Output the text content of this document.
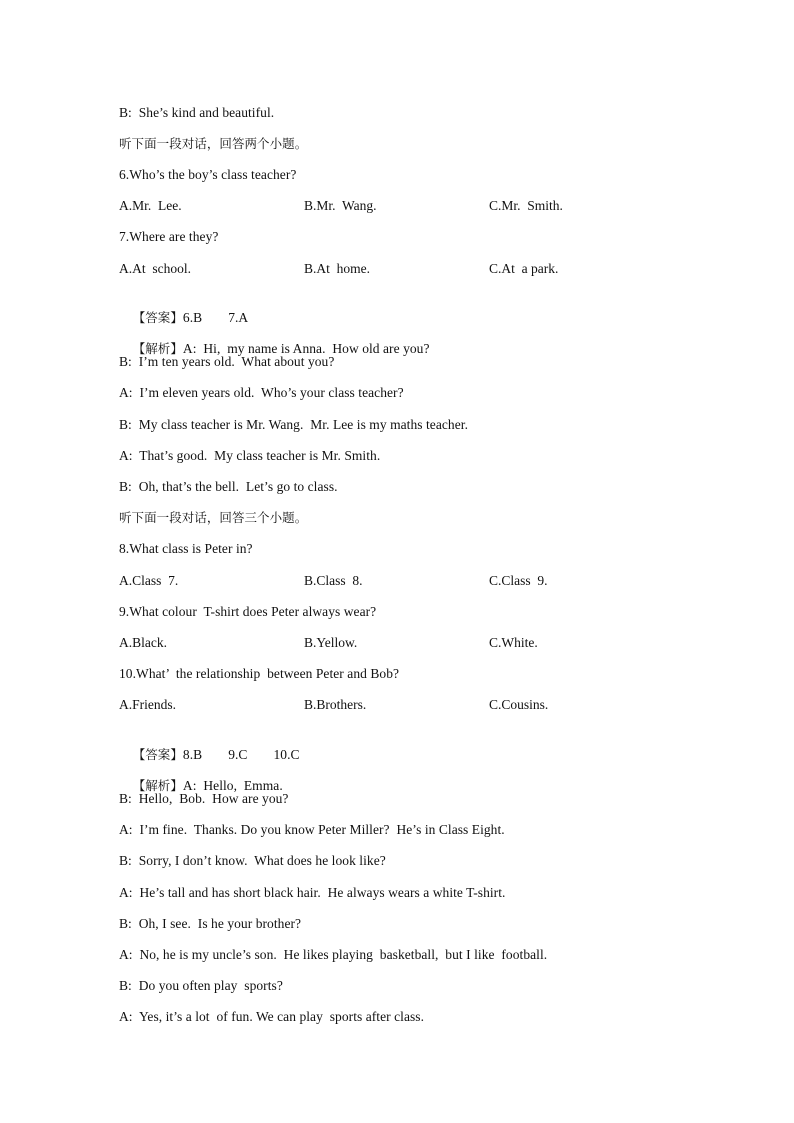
B:  She’s kind and beautiful.
听下面一段对话，回答两个小题。
6.Who’s the boy’s class teacher?
A.Mr.  Lee.	B.Mr.  Wang.	C.Mr.  Smith.
7.Where are they?
A.At  school.	B.At  home.	C.At  a park.

【答案】6.B 7.A

【解析】A:  Hi,  my name is Anna.  How old are you?

B:  I’m ten years old.  What about you?
A:  I’m eleven years old.  Who’s your class teacher?
B:  My class teacher is Mr. Wang.  Mr. Lee is my maths teacher.
A:  That’s good.  My class teacher is Mr. Smith.
B:  Oh, that’s the bell.  Let’s go to class.
听下面一段对话，回答三个小题。
8.What class is Peter in?
A.Class  7.	B.Class  8.	C.Class  9.
9.What colour  T-shirt does Peter always wear?
A.Black.	B.Yellow.	C.White.
10.What’  the relationship  between Peter and Bob?
A.Friends.	B.Brothers.	C.Cousins.

【答案】8.B 9.C 10.C

【解析】A:  Hello,  Emma.

B:  Hello,  Bob.  How are you?
A:  I’m fine.  Thanks. Do you know Peter Miller?  He’s in Class Eight.
B:  Sorry, I don’t know.  What does he look like?
A:  He’s tall and has short black hair.  He always wears a white T-shirt.
B:  Oh, I see.  Is he your brother?
A:  No, he is my uncle’s son.  He likes playing  basketball,  but I like  football.
B:  Do you often play  sports?
A:  Yes, it’s a lot  of fun. We can play  sports after class.
